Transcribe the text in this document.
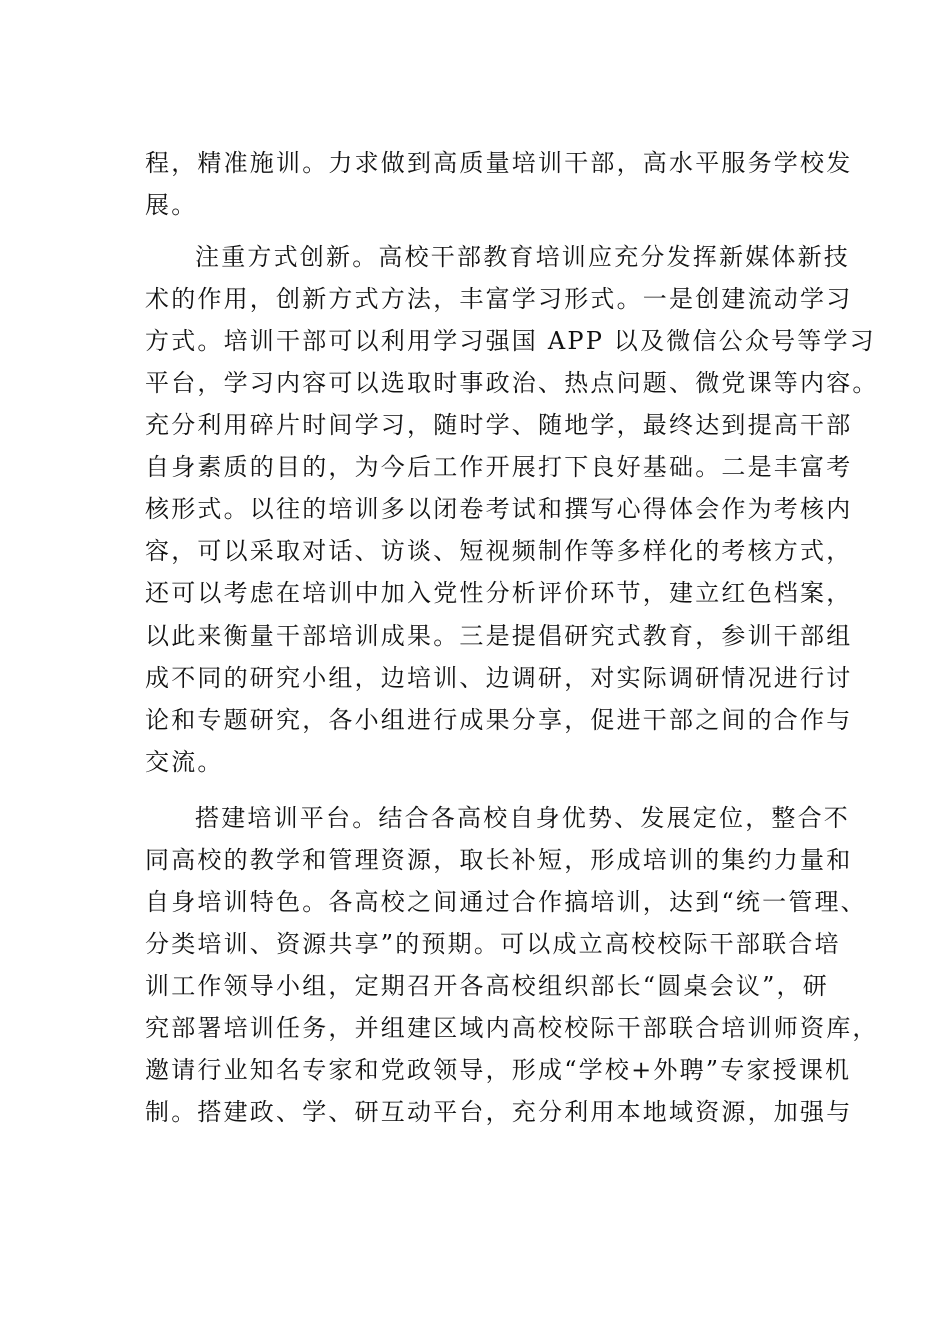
程，精准施训。力求做到高质量培训干部，高水平服务学校发
展。
注重方式创新。高校干部教育培训应充分发挥新媒体新技
术的作用，创新方式方法，丰富学习形式。一是创建流动学习
方式。培训干部可以利用学习强国 APP 以及微信公众号等学习
平台，学习内容可以选取时事政治、热点问题、微党课等内容。
充分利用碎片时间学习，随时学、随地学，最终达到提高干部
自身素质的目的，为今后工作开展打下良好基础。二是丰富考
核形式。以往的培训多以闭卷考试和撰写心得体会作为考核内
容，可以采取对话、访谈、短视频制作等多样化的考核方式，
还可以考虑在培训中加入党性分析评价环节，建立红色档案，
以此来衡量干部培训成果。三是提倡研究式教育，参训干部组
成不同的研究小组，边培训、边调研，对实际调研情况进行讨
论和专题研究，各小组进行成果分享，促进干部之间的合作与
交流。
搭建培训平台。结合各高校自身优势、发展定位，整合不
同高校的教学和管理资源，取长补短，形成培训的集约力量和
自身培训特色。各高校之间通过合作搞培训，达到“统一管理、
分类培训、资源共享”的预期。可以成立高校校际干部联合培
训工作领导小组，定期召开各高校组织部长“圆桌会议”，研
究部署培训任务，并组建区域内高校校际干部联合培训师资库，
邀请行业知名专家和党政领导，形成“学校+外聘”专家授课机
制。搭建政、学、研互动平台，充分利用本地域资源，加强与
